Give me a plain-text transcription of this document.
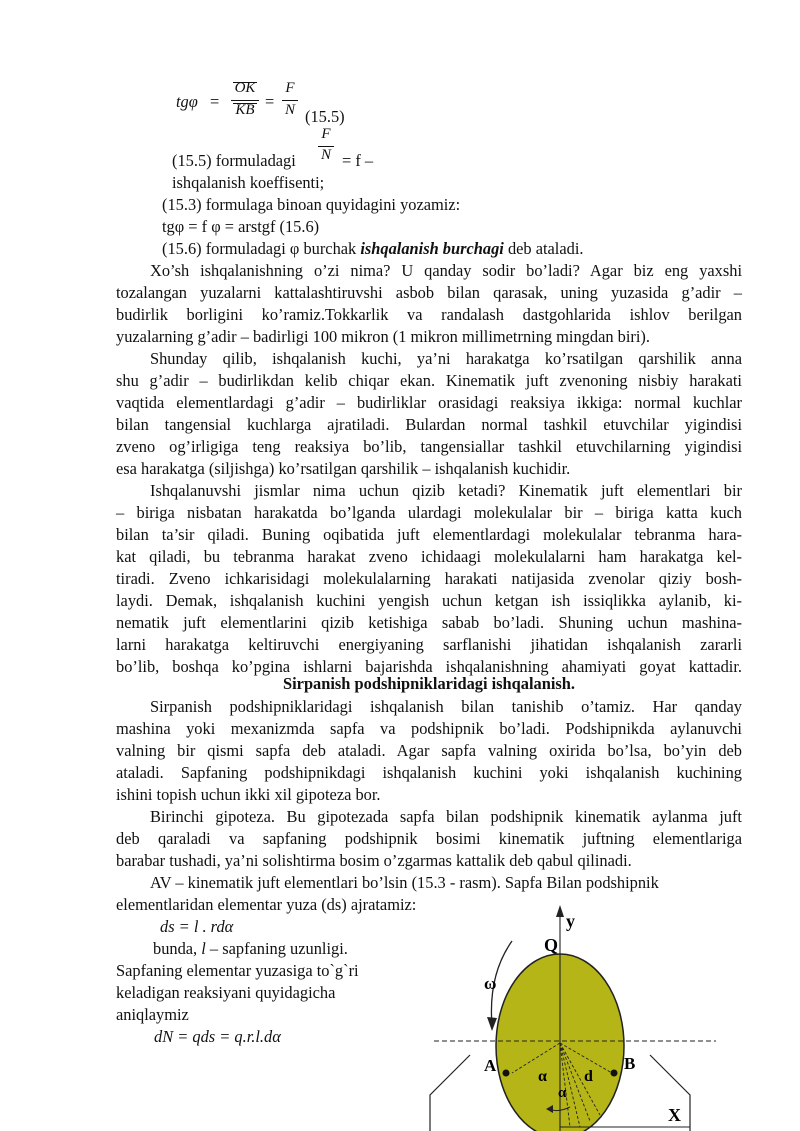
tgφ =
OK
KB =
F
N (15.5)
F
N
(15.5) formuladagi	= f –
ishqalanish koeffisenti;
(15.3) formulaga binoan quyidagini yozamiz:
tgφ = f φ = arstgf (15.6)
(15.6) formuladagi φ burchak ishqalanish burchagi deb ataladi.
Xo’sh ishqalanishning o’zi nima? U qanday sodir bo’ladi? Agar biz eng yaxshi
tozalangan yuzalarni kattalashtiruvshi asbob bilan qarasak, uning yuzasida g’adir –
budirlik borligini ko’ramiz.Tokkarlik va randalash dastgohlarida ishlov berilgan
yuzalarning g’adir – badirligi 100 mikron (1 mikron millimetrning mingdan biri).
Shunday qilib, ishqalanish kuchi, ya’ni harakatga ko’rsatilgan qarshilik anna
shu g’adir – budirlikdan kelib chiqar ekan. Kinematik juft zvenoning nisbiy harakati
vaqtida elementlardagi g’adir – budirliklar orasidagi reaksiya ikkiga: normal kuchlar
bilan tangensial kuchlarga ajratiladi. Bulardan normal tashkil etuvchilar yigindisi
zveno og’irligiga teng reaksiya bo’lib, tangensiallar tashkil etuvchilarning yigindisi
esa harakatga (siljishga) ko’rsatilgan qarshilik – ishqalanish kuchidir.
Ishqalanuvshi jismlar nima uchun qizib ketadi? Kinematik juft elementlari bir
– biriga nisbatan harakatda bo’lganda ulardagi molekulalar bir – biriga katta kuch
bilan ta’sir qiladi. Buning oqibatida juft elementlardagi molekulalar tebranma hara-
kat qiladi, bu tebranma harakat zveno ichidaagi molekulalarni ham harakatga kel-
tiradi. Zveno ichkarisidagi molekulalarning harakati natijasida zvenolar qiziy bosh-
laydi. Demak, ishqalanish kuchini yengish uchun ketgan ish issiqlikka aylanib, ki-
nematik juft elementlarini qizib ketishiga sabab bo’ladi. Shuning uchun mashina-
larni harakatga keltiruvchi energiyaning sarflanishi jihatidan ishqalanish zararli
bo’lib, boshqa ko’pgina ishlarni bajarishda ishqalanishning ahamiyati goyat kattadir.
Sirpanish podshipniklaridagi ishqalanish.
Sirpanish podshipniklaridagi ishqalanish bilan tanishib o’tamiz. Har qanday
mashina yoki mexanizmda sapfa va podshipnik bo’ladi. Podshipnikda aylanuvchi
valning bir qismi sapfa deb ataladi. Agar sapfa valning oxirida bo’lsa, bo’yin deb
ataladi. Sapfaning podshipnikdagi ishqalanish kuchini yoki ishqalanish kuchining
ishini topish uchun ikki xil gipoteza bor.
Birinchi gipoteza. Bu gipotezada sapfa bilan podshipnik kinematik aylanma juft
deb qaraladi va sapfaning podshipnik bosimi kinematik juftning elementlariga
barabar tushadi, ya’ni solishtirma bosim o’zgarmas kattalik deb qabul qilinadi.
AV – kinematik juft elementlari bo’lsin (15.3 - rasm). Sapfa Bilan podshipnik
elementlaridan elementar yuza (ds) ajratamiz:
ds = l . rdα
bunda, l – sapfaning uzunligi.
Sapfaning elementar yuzasiga to`g`ri
keladigan reaksiyani quyidagicha
aniqlaymiz
dN = qds = q.r.l.dα
y
Q
ω
A	B
α d
α
X
